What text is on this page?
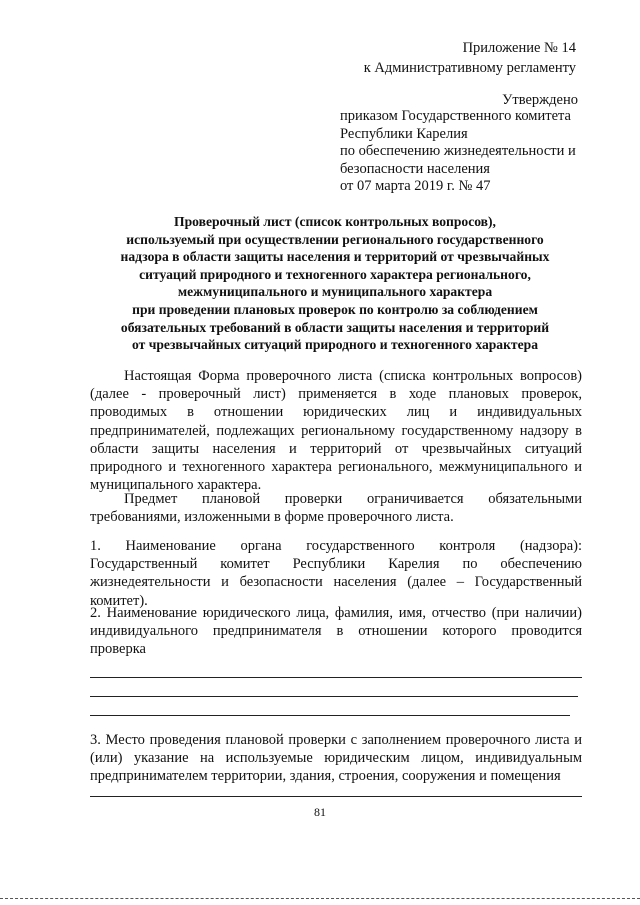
Приложение № 14
к Административному регламенту
Утверждено
приказом Государственного комитета
Республики Карелия
по обеспечению жизнедеятельности и
безопасности населения
от 07 марта 2019 г. № 47
Проверочный лист (список контрольных вопросов),
используемый при осуществлении регионального государственного
надзора в области защиты населения и территорий от чрезвычайных
ситуаций природного и техногенного характера регионального,
межмуниципального и муниципального характера
при проведении плановых проверок по контролю за соблюдением
обязательных требований в области защиты населения и территорий
от чрезвычайных ситуаций природного и техногенного характера

Настоящая Форма проверочного листа (списка контрольных вопросов) (далее - проверочный лист) применяется в ходе плановых проверок, проводимых в отношении юридических лиц и индивидуальных предпринимателей, подлежащих региональному государственному надзору в области защиты населения и территорий от чрезвычайных ситуаций природного и техногенного характера регионального, межмуниципального и муниципального характера.

Предмет плановой проверки ограничивается обязательными требованиями, изложенными в форме проверочного листа.

1. Наименование органа государственного контроля (надзора): Государственный комитет Республики Карелия по обеспечению жизнедеятельности и безопасности населения (далее – Государственный комитет).

2. Наименование юридического лица, фамилия, имя, отчество (при наличии) индивидуального предпринимателя в отношении которого проводится проверка

3. Место проведения плановой проверки с заполнением проверочного листа и (или) указание на используемые юридическим лицом, индивидуальным предпринимателем территории, здания, строения, сооружения и помещения

81
